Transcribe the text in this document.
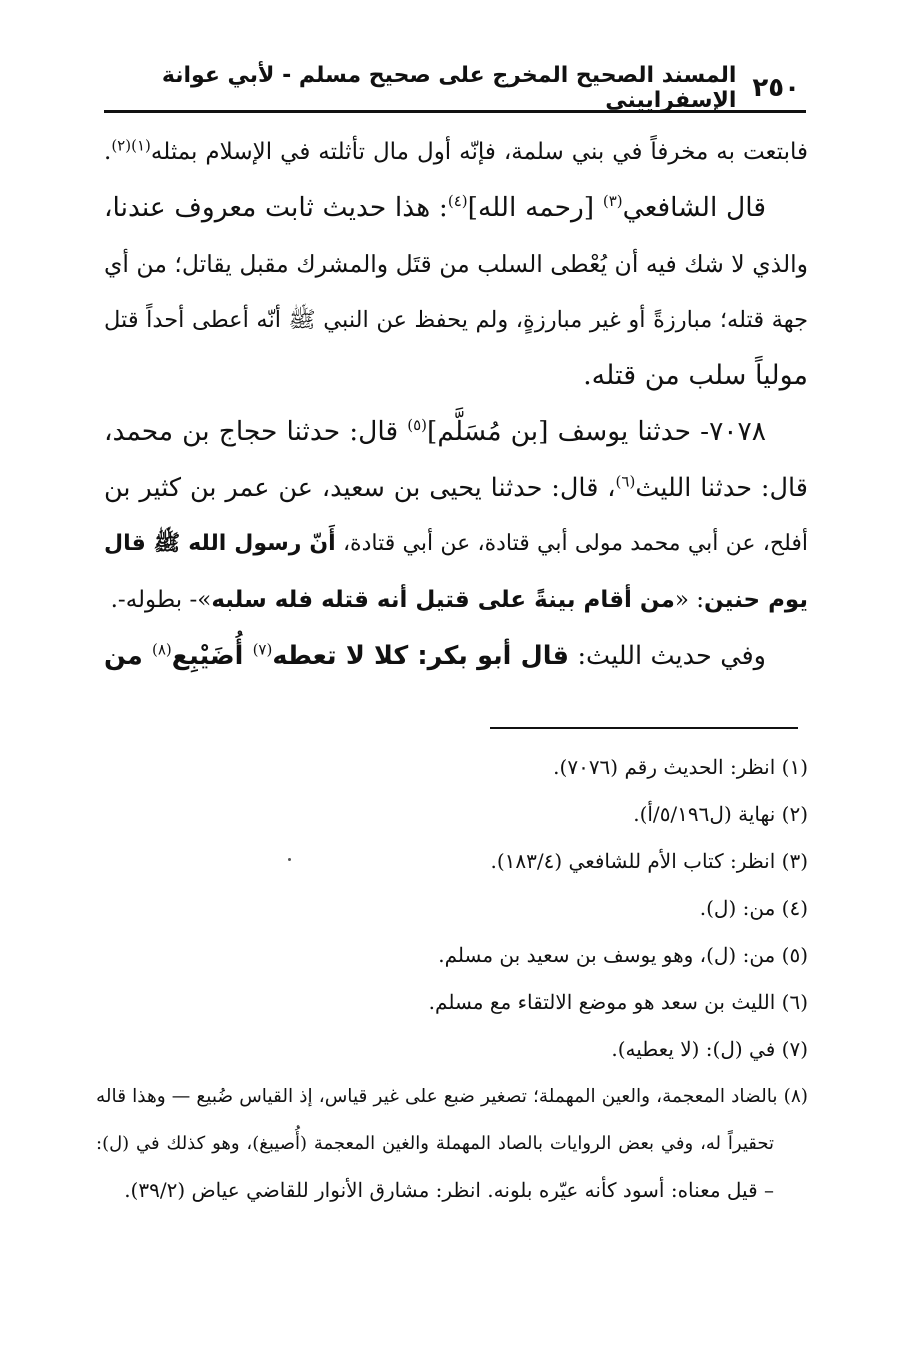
٢٥٠
المسند الصحيح المخرج على صحيح مسلم - لأبي عوانة الإسفراييني
فابتعت به مخرفاً في بني سلمة، فإنّه أول مال تأثلته في الإسلام بمثله$^{(١)(٢)}$.
قال الشافعي$^{(٣)}$ [رحمه الله]$^{(٤)}$: هذا حديث ثابت معروف عندنا،
والذي لا شك فيه أن يُعْطى السلب من قتَل والمشرك مقبل يقاتل؛ من أي
جهة قتله؛ مبارزةً أو غير مبارزةٍ، ولم يحفظ عن النبي ﷺ أنّه أعطى أحداً قتل
مولياً سلب من قتله.
٧٠٧٨- حدثنا يوسف [بن مُسَلَّم]$^{(٥)}$ قال: حدثنا حجاج بن محمد،
قال: حدثنا الليث$^{(٦)}$، قال: حدثنا يحيى بن سعيد، عن عمر بن كثير بن
أفلح، عن أبي محمد مولى أبي قتادة، عن أبي قتادة، أَنّ رسول الله ﷺ قال
يوم حنين: «من أقام بينةً على قتيل أنه قتله فله سلبه»- بطوله-.
وفي حديث الليث: قال أبو بكر: كلا لا تعطه$^{(٧)}$ أُضَيْبِع$^{(٨)}$ من
(١) انظر: الحديث رقم (٧٠٧٦).
(٢) نهاية (ل٥/١٩٦/أ).
(٣) انظر: كتاب الأم للشافعي (١٨٣/٤).
(٤) من: (ل).
(٥) من: (ل)، وهو يوسف بن سعيد بن مسلم.
(٦) الليث بن سعد هو موضع الالتقاء مع مسلم.
(٧) في (ل): (لا يعطيه).
(٨) بالضاد المعجمة، والعين المهملة؛ تصغير ضبع على غير قياس، إذ القياس ضُبيع — وهذا قاله
تحقيراً له، وفي بعض الروايات بالصاد المهملة والغين المعجمة (أُصيبغ)، وهو كذلك في (ل):
– قيل معناه: أسود كأنه عيّره بلونه. انظر: مشارق الأنوار للقاضي عياض (٣٩/٢).
